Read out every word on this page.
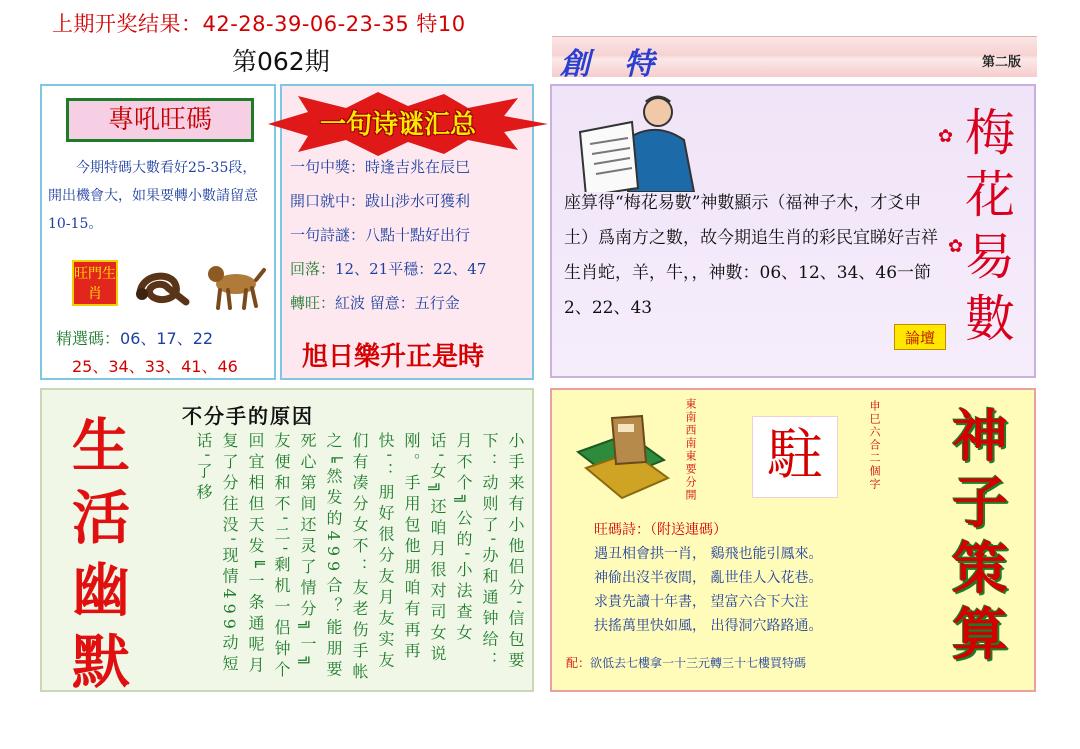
上期开奖结果：42-28-39-06-23-35 特10
第062期	創特	第二版
專吼旺碼
今期特碼大數看好25-35段，開出機會大，如果要轉小數請留意10-15。
旺門生肖
精選碼：06、17、22
25、34、33、41、46
一句诗谜汇总
一句中獎：時逢吉兆在辰巳
開口就中：跋山涉水可獲利
一句詩謎：八點十點好出行
回落：12、21平穩：22、47
轉旺：紅波 留意：五行金
旭日樂升正是時
座算得“梅花易數”神數顯示（福神子木，才爻申土）爲南方之數，故今期追生肖的彩民宜睇好吉祥生肖蛇，羊，牛，，神數：06、12、34、46一節2、22、43
論壇
✿
✿
梅花易數
生活幽默
不分手的原因
小手来有小他侣分'信包要下：动则了'办和通钟给：月不个╗公的'小法查女话'女╗还咱月很对司女说刚。手用包他朋咱有再再快'：朋好很分友月友实友们有凑分女不：友老伤手帐之╘然发的499合？能朋要死心第间还灵了情分╗一╗友便和不'二'剩机一侣钟个回宜相但天发╙一条通呢月复了分往没'现情499动短话'了移	東南西南東要分開 駐	申巳六合二個字	神子策算
旺碼詩：（附送連碼）
遇丑相會拱一肖， 鷄飛也能引鳳來。
神偷出沒半夜間， 亂世佳人入花巷。
求貴先讀十年書， 望富六合下大注
扶搖萬里快如風， 出得洞穴路路通。
配：欲低去七樓拿一十三元轉三十七樓買特碼
